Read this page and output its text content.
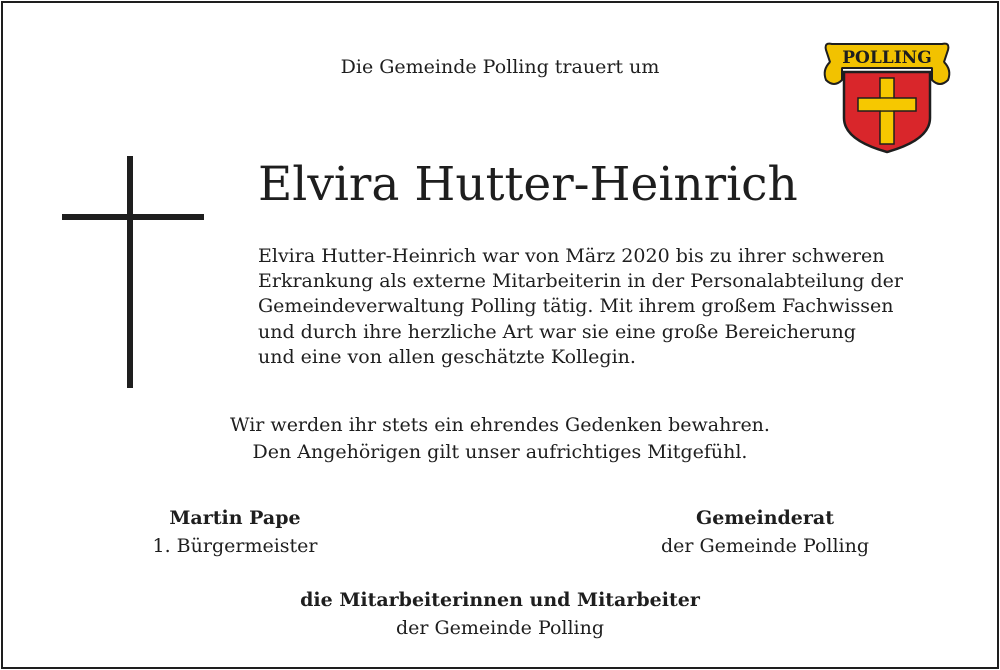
Die Gemeinde Polling trauert um	POLLING
Elvira Hutter-Heinrich
Elvira Hutter-Heinrich war von März 2020 bis zu ihrer schweren
Erkrankung als externe Mitarbeiterin in der Personalabteilung der
Gemeindeverwaltung Polling tätig. Mit ihrem großem Fachwissen
und durch ihre herzliche Art war sie eine große Bereicherung
und eine von allen geschätzte Kollegin.
Wir werden ihr stets ein ehrendes Gedenken bewahren.
Den Angehörigen gilt unser aufrichtiges Mitgefühl.
Martin Pape
1. Bürgermeister
Gemeinderat
der Gemeinde Polling
die Mitarbeiterinnen und Mitarbeiter
der Gemeinde Polling
